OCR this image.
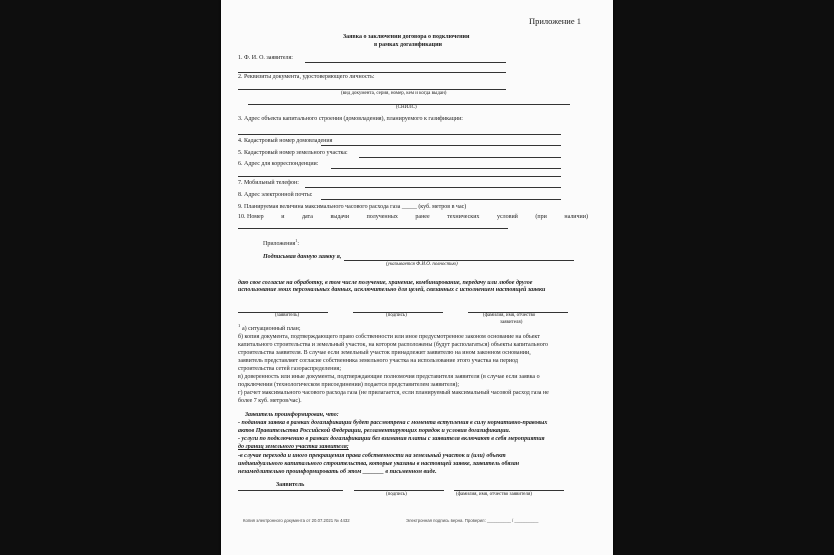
Приложение 1
Заявка о заключении договора о подключении
в рамках догазификации
1. Ф. И. О. заявителя:
2. Реквизиты документа, удостоверяющего личность:
(вид документа, серия, номер, кем и когда выдан)
(СНИЛС)
3. Адрес объекта капитального строения (домовладения), планируемого к газификации:
4. Кадастровый номер домовладения
5. Кадастровый номер земельного участка:
6. Адрес для корреспонденции:
7. Мобильный телефон:
8. Адрес электронной почты:
9. Планируемая величина максимального часового расхода газа _____ (куб. метров в час)
10. Номер	и	дата	выдачи	полученных	ранее	технических	условий	(при	наличии)
Приложения$^1$:
Подписывая данную заявку я,
(указывается Ф.И.О. полностью)
даю свое согласие на обработку, в том числе получение, хранение, комбинирование, передачу или любое другое
использование моих персональных данных, исключительно для целей, связанных с исполнением настоящей заявки
(заявитель)	(подпись)	(фамилия, имя, отчество
заявителя)
1
а) ситуационный план;
б) копия документа, подтверждающего право собственности или иное предусмотренное законом основание на объект
капитального строительства и земельный участок, на котором расположены (будут располагаться) объекты капитального
строительства заявителя. В случае если земельный участок принадлежит заявителю на ином законном основании,
заявитель представляет согласие собственника земельного участка на использование этого участка на период
строительства сетей газораспределения;
в) доверенность или иные документы, подтверждающие полномочия представителя заявителя (в случае если заявка о
подключении (технологическом присоединении) подается представителем заявителя);
г) расчет максимального часового расхода газа (не прилагается, если планируемый максимальный часовой расход газа не
более 7 куб. метров/час).
Заявитель проинформирован, что:
- поданная заявка в рамках догазификации будет рассмотрена с момента вступления в силу нормативно-правовых
актов Правительства Российской Федерации, регламентирующих порядок и условия догазификации.
- услуги по подключению в рамках догазификации без взимания платы с заявителя включают в себя мероприятия
до границ земельного участка заявителя;
-в случае перехода и иного прекращения права собственности на земельный участок и (или) объект
индивидуального капитального строительства, которые указаны в настоящей заявке, заявитель обязан
незамедлительно проинформировать об этом _______ в письменном виде.
Заявитель
(подпись)	(фамилия, имя, отчество заявителя)
Копия электронного документа от 20.07.2021 № 4432	Электронная подпись верна. Проверил: __________ / __________
